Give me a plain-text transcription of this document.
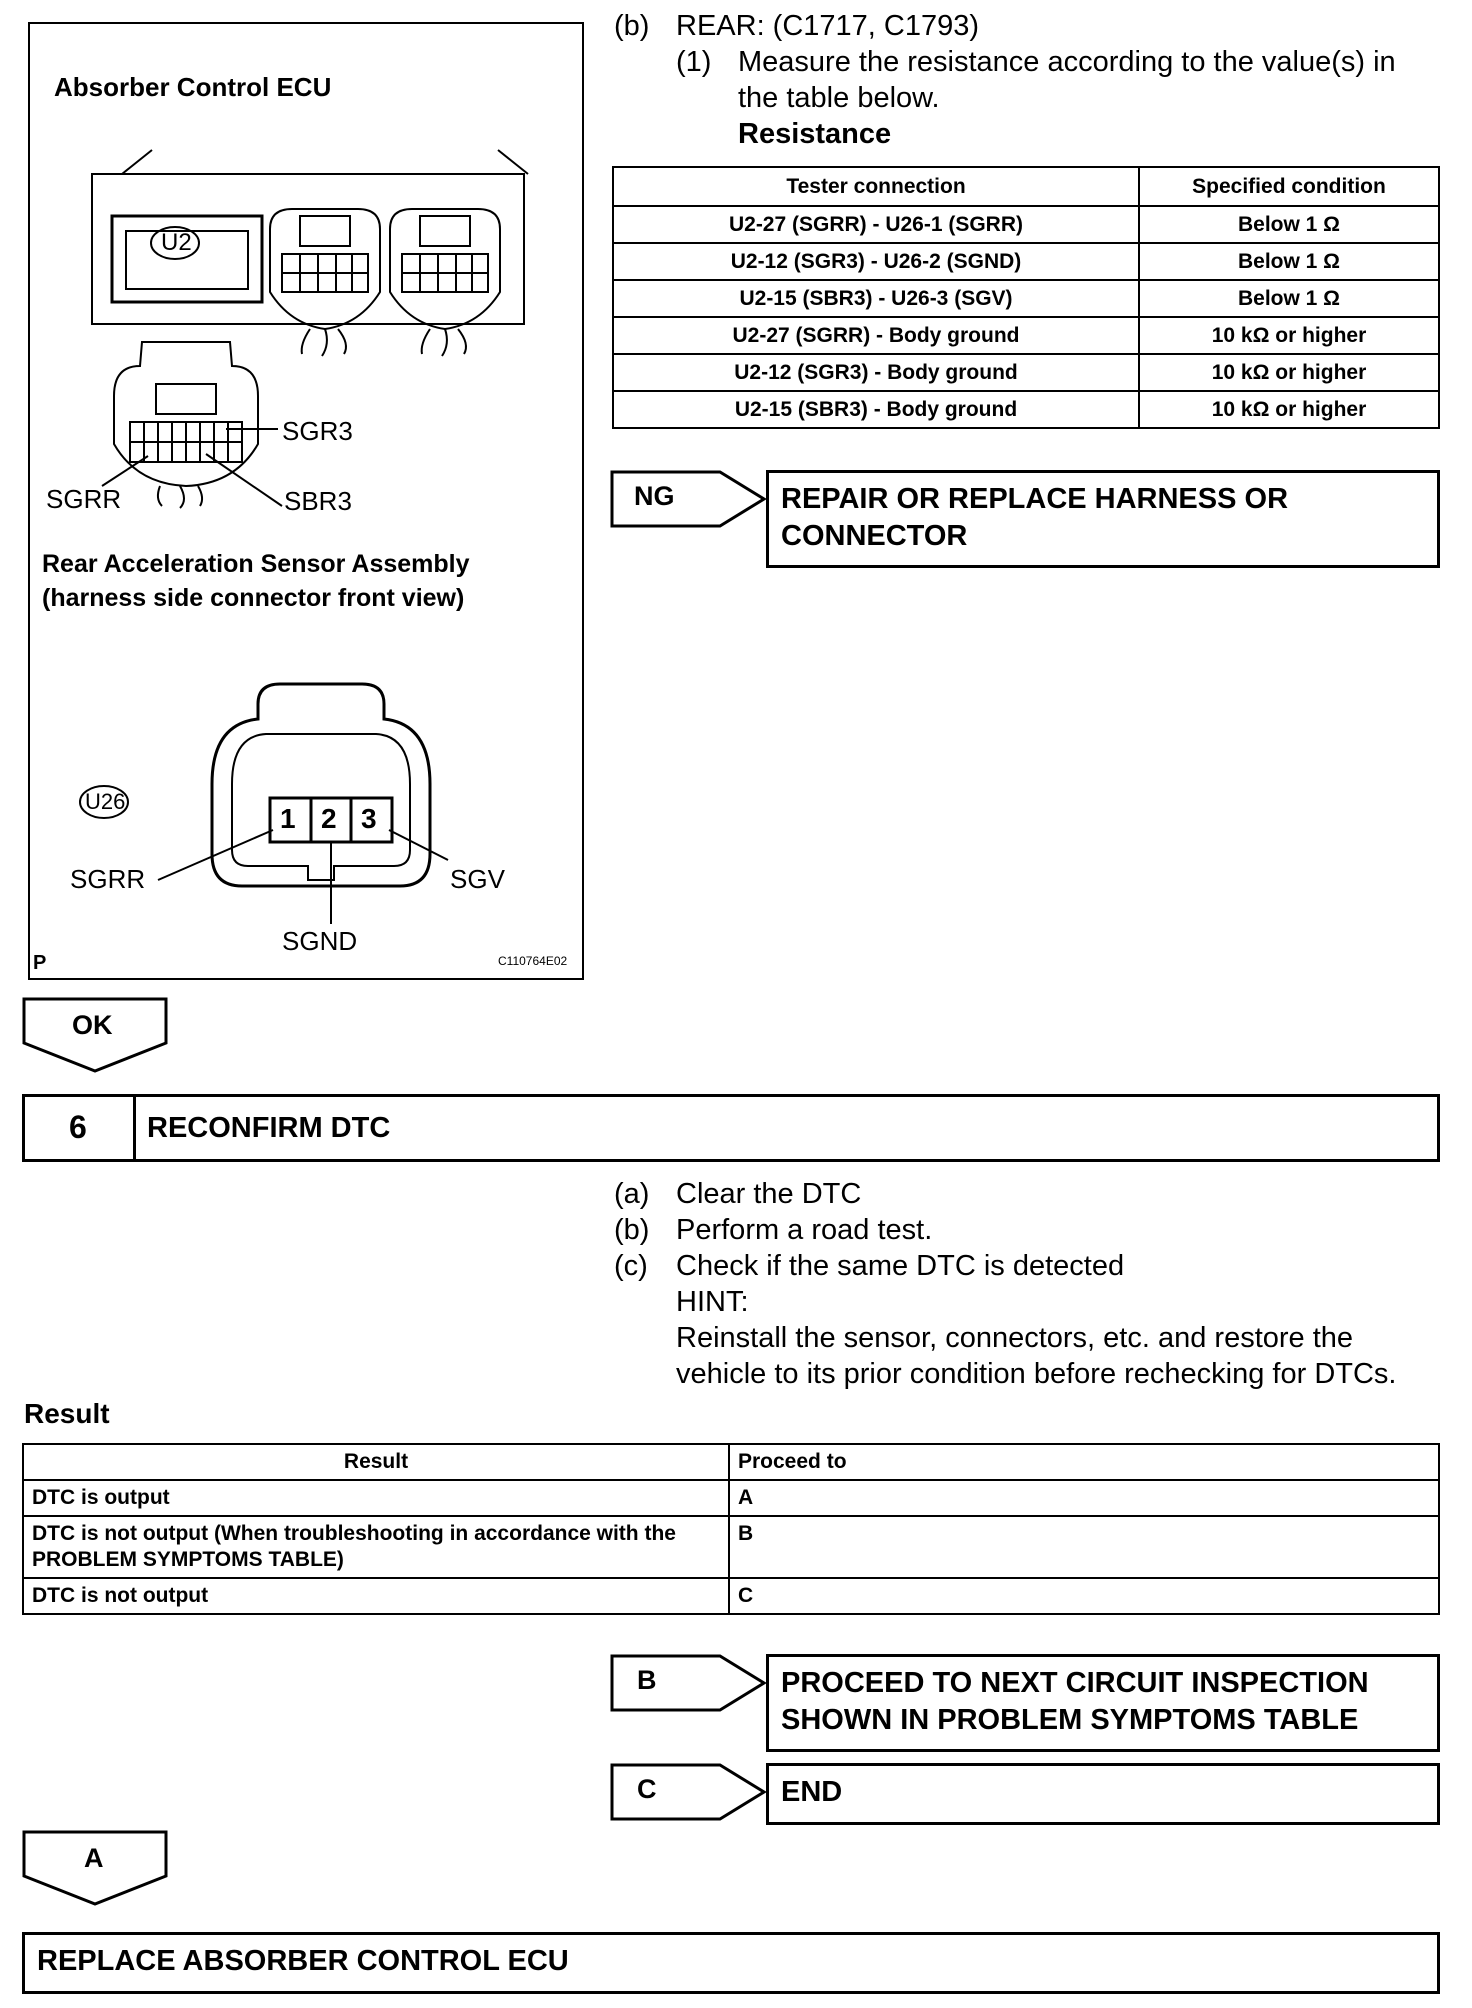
Absorber Control ECU
U2
SGR3
SGRR	SBR3
Rear Acceleration Sensor Assembly
(harness side connector front view)
U26
1 2 3
SGRR	SGV
SGND
P	C110764E02
(b) REAR: (C1717, C1793)
(1) Measure the resistance according to the value(s) in
the table below.
Resistance
Tester connection	Specified condition
U2-27 (SGRR) - U26-1 (SGRR)	Below 1 Ω
U2-12 (SGR3) - U26-2 (SGND)	Below 1 Ω
U2-15 (SBR3) - U26-3 (SGV)	Below 1 Ω
U2-27 (SGRR) - Body ground	10 kΩ or higher
U2-12 (SGR3) - Body ground	10 kΩ or higher
U2-15 (SBR3) - Body ground	10 kΩ or higher
NG	REPAIR OR REPLACE HARNESS OR
CONNECTOR
OK
6 RECONFIRM DTC
(a) Clear the DTC
(b) Perform a road test.
(c) Check if the same DTC is detected
HINT:
Reinstall the sensor, connectors, etc. and restore the
vehicle to its prior condition before rechecking for DTCs.
Result
Result	Proceed to
DTC is output	A

DTC is not output (When troubleshooting in accordance with the
PROBLEM SYMPTOMS TABLE)	B
DTC is not output	C
B	PROCEED TO NEXT CIRCUIT INSPECTION
SHOWN IN PROBLEM SYMPTOMS TABLE
C	END
A
REPLACE ABSORBER CONTROL ECU
